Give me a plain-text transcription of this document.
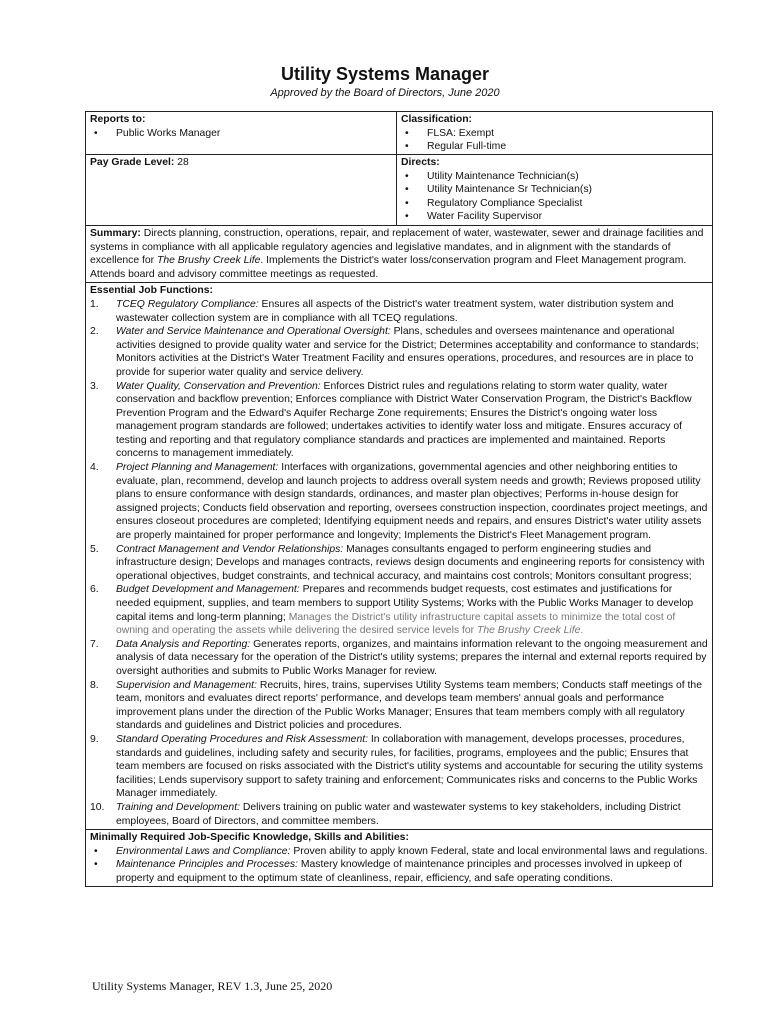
Utility Systems Manager
Approved by the Board of Directors, June 2020
Reports to:
• Public Works Manager
Pay Grade Level: 28
Classification:
• FLSA: Exempt
• Regular Full-time
Directs:
• Utility Maintenance Technician(s)
• Utility Maintenance Sr Technician(s)
• Regulatory Compliance Specialist
• Water Facility Supervisor
Summary: Directs planning, construction, operations, repair, and replacement of water, wastewater, sewer and drainage facilities and systems in compliance with all applicable regulatory agencies and legislative mandates, and in alignment with the standards of excellence for The Brushy Creek Life. Implements the District's water loss/conservation program and Fleet Management program. Attends board and advisory committee meetings as requested.
Essential Job Functions:
1. TCEQ Regulatory Compliance: Ensures all aspects of the District's water treatment system, water distribution system and wastewater collection system are in compliance with all TCEQ regulations.
2. Water and Service Maintenance and Operational Oversight: Plans, schedules and oversees maintenance and operational activities designed to provide quality water and service for the District; Determines acceptability and conformance to standards; Monitors activities at the District's Water Treatment Facility and ensures operations, procedures, and resources are in place to provide for superior water quality and service delivery.
3. Water Quality, Conservation and Prevention: Enforces District rules and regulations relating to storm water quality, water conservation and backflow prevention; Enforces compliance with District Water Conservation Program, the District's Backflow Prevention Program and the Edward's Aquifer Recharge Zone requirements; Ensures the District's ongoing water loss management program standards are followed; undertakes activities to identify water loss and mitigate. Ensures accuracy of testing and reporting and that regulatory compliance standards and practices are implemented and maintained. Reports concerns to management immediately.
4. Project Planning and Management: Interfaces with organizations, governmental agencies and other neighboring entities to evaluate, plan, recommend, develop and launch projects to address overall system needs and growth; Reviews proposed utility plans to ensure conformance with design standards, ordinances, and master plan objectives; Performs in-house design for assigned projects; Conducts field observation and reporting, oversees construction inspection, coordinates project meetings, and ensures closeout procedures are completed; Identifying equipment needs and repairs, and ensures District's water utility assets are properly maintained for proper performance and longevity; Implements the District's Fleet Management program.
5. Contract Management and Vendor Relationships: Manages consultants engaged to perform engineering studies and infrastructure design; Develops and manages contracts, reviews design documents and engineering reports for consistency with operational objectives, budget constraints, and technical accuracy, and maintains cost controls; Monitors consultant progress;
6. Budget Development and Management: Prepares and recommends budget requests, cost estimates and justifications for needed equipment, supplies, and team members to support Utility Systems; Works with the Public Works Manager to develop capital items and long-term planning; Manages the District's utility infrastructure capital assets to minimize the total cost of owning and operating the assets while delivering the desired service levels for The Brushy Creek Life.
7. Data Analysis and Reporting: Generates reports, organizes, and maintains information relevant to the ongoing measurement and analysis of data necessary for the operation of the District's utility systems; prepares the internal and external reports required by oversight authorities and submits to Public Works Manager for review.
8. Supervision and Management: Recruits, hires, trains, supervises Utility Systems team members; Conducts staff meetings of the team, monitors and evaluates direct reports' performance, and develops team members' annual goals and performance improvement plans under the direction of the Public Works Manager; Ensures that team members comply with all regulatory standards and guidelines and District policies and procedures.
9. Standard Operating Procedures and Risk Assessment: In collaboration with management, develops processes, procedures, standards and guidelines, including safety and security rules, for facilities, programs, employees and the public; Ensures that team members are focused on risks associated with the District's utility systems and accountable for securing the utility systems facilities; Lends supervisory support to safety training and enforcement; Communicates risks and concerns to the Public Works Manager immediately.
10. Training and Development: Delivers training on public water and wastewater systems to key stakeholders, including District employees, Board of Directors, and committee members.
Minimally Required Job-Specific Knowledge, Skills and Abilities:
• Environmental Laws and Compliance: Proven ability to apply known Federal, state and local environmental laws and regulations.
• Maintenance Principles and Processes: Mastery knowledge of maintenance principles and processes involved in upkeep of property and equipment to the optimum state of cleanliness, repair, efficiency, and safe operating conditions.
Utility Systems Manager, REV 1.3, June 25, 2020
